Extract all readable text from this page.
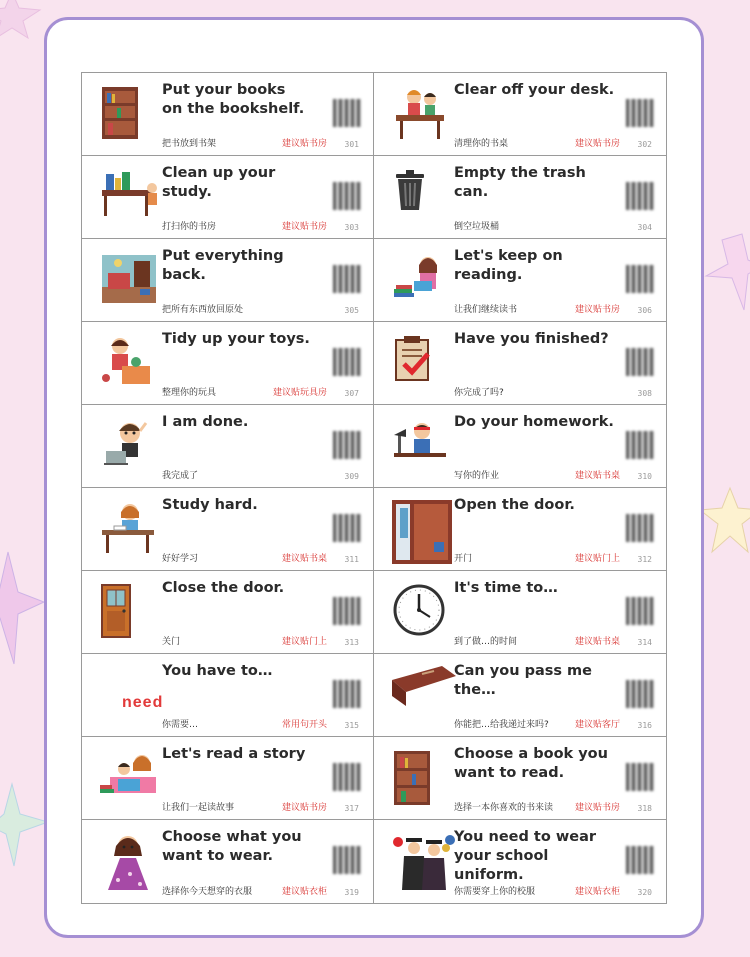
Put your books
on the bookshelf.
把书放到书架	建议贴书房 301
Clear off your desk.
清理你的书桌	建议贴书房 302
Clean up your study.
打扫你的书房	建议贴书房 303
Empty the trash can.
倒空垃圾桶	304
Put everything back.
把所有东西放回原处	305
Let's keep on
reading.
让我们继续读书	建议贴书房 306
Tidy up your toys.
整理你的玩具	建议贴玩具房 307
Have you finished?
你完成了吗?	308
I am done.
我完成了	309
Do your homework.
写你的作业	建议贴书桌 310
Study hard.
好好学习	建议贴书桌 311
Open the door.
开门	建议贴门上 312
Close the door.
关门	建议贴门上 313
It's time to…
到了做…的时间	建议贴书桌 314
need
You have to…
你需要…	常用句开头 315
Can you pass me the…
你能把…给我递过来吗?	建议贴客厅 316
Let's read a story
让我们一起读故事	建议贴书房 317
Choose a book you
want to read.
选择一本你喜欢的书来读 建议贴书房 318
Choose what you
want to wear.
选择你今天想穿的衣服	建议贴衣柜 319
You need to wear
your school uniform.
你需要穿上你的校服	建议贴衣柜 320
